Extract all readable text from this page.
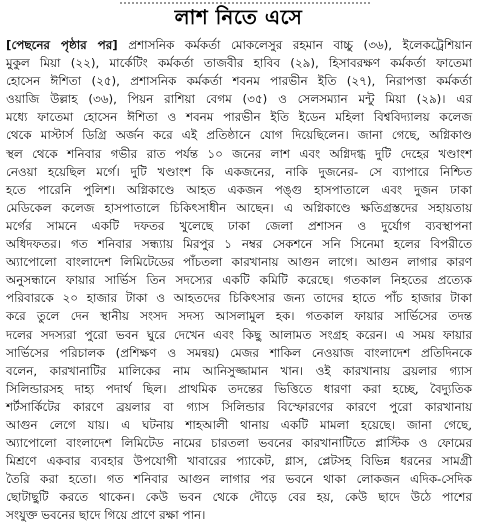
লাশ নিতে এসে
[পেছনের পৃষ্ঠার পর] প্রশাসনিক কর্মকর্তা মোকলেসুর রহমান বাচ্চু (৩৬), ইলেকট্রেশিয়ান
মুকুল মিয়া (২২), মার্কেটিং কর্মকর্তা তাজবীর হাবিব (২৯), হিসাবরক্ষণ কর্মকর্তা ফাতেমা
হোসেন ঈশিতা (২৫), প্রশাসনিক কর্মকর্তা শবনম পারভীন ইতি (২৭), নিরাপত্তা কর্মকর্তা
ওয়াজি উল্লাহ (৩৬), পিয়ন রাশিয়া বেগম (৩৫) ও সেলসম্যান মন্টু মিয়া (২৯)। এর
মধ্যে ফাতেমা হোসেন ঈশিতা ও শবনম পারভীন ইতি ইডেন মহিলা বিশ্ববিদ্যালয় কলেজ
থেকে মাস্টার্স ডিগ্রি অর্জন করে এই প্রতিষ্ঠানে যোগ দিয়েছিলেন। জানা গেছে, অগ্নিকাণ্ড
স্থল থেকে শনিবার গভীর রাত পর্যন্ত ১০ জনের লাশ এবং অগ্নিদগ্ধ দুটি দেহের খণ্ডাংশ
নেওয়া হয়েছিল মর্গে। দুটি খণ্ডাংশ কি একজনের, নাকি দুজনের- সে ব্যাপারে নিশ্চিত
হতে পারেনি পুলিশ। অগ্নিকাণ্ডে আহত একজন পঙ্গু হাসপাতালে এবং দুজন ঢাকা
মেডিকেল কলেজ হাসপাতালে চিকিৎসাধীন আছেন। এ অগ্নিকাণ্ডে ক্ষতিগ্রস্তদের সহায়তায়
মর্গের সামনে একটি দফতর খুলেছে ঢাকা জেলা প্রশাসন ও দুর্যোগ ব্যবস্থাপনা
অধিদফতর। গত শনিবার সন্ধ্যায় মিরপুর ১ নম্বর সেকশনে সনি সিনেমা হলের বিপরীতে
অ্যাপোলো বাংলাদেশ লিমিটেডের পাঁচতলা কারখানায় আগুন লাগে। আগুন লাগার কারণ
অনুসন্ধানে ফায়ার সার্ভিস তিন সদস্যের একটি কমিটি করেছে। গতকাল নিহতের প্রত্যেক
পরিবারকে ২০ হাজার টাকা ও আহতদের চিকিৎসার জন্য তাদের হাতে পাঁচ হাজার টাকা
করে তুলে দেন স্থানীয় সংসদ সদস্য আসলামুল হক। গতকাল ফায়ার সার্ভিসের তদন্ত
দলের সদস্যরা পুরো ভবন ঘুরে দেখেন এবং কিছু আলামত সংগ্রহ করেন। এ সময় ফায়ার
সার্ভিসের পরিচালক (প্রশিক্ষণ ও সমন্বয়) মেজর শাকিল নেওয়াজ বাংলাদেশ প্রতিদিনকে
বলেন, কারখানাটির মালিকের নাম আনিসুজ্জামান খান। ওই কারখানায় ব্রয়লার গ্যাস
সিলিন্ডারসহ দাহ্য পদার্থ ছিল। প্রাথমিক তদন্তের ভিত্তিতে ধারণা করা হচ্ছে, বৈদ্যুতিক
শর্টসার্কিটের কারণে ব্রয়লার বা গ্যাস সিলিন্ডার বিস্ফোরণের কারণে পুরো কারখানায়
আগুন লেগে যায়। এ ঘটনায় শাহআলী থানায় একটি মামলা হয়েছে। জানা গেছে,
অ্যাপোলো বাংলাদেশ লিমিটেড নামের চারতলা ভবনের কারখানাটিতে প্লাস্টিক ও ফোমের
মিশ্রণে একবার ব্যবহার উপযোগী খাবারের প্যাকেট, গ্লাস, প্লেটসহ বিভিন্ন ধরনের সামগ্রী
তৈরি করা হতো। গত শনিবার আগুন লাগার পর ভবনে থাকা লোকজন এদিক-সেদিক
ছোটাছুটি করতে থাকেন। কেউ ভবন থেকে দৌড়ে বের হয়, কেউ ছাদে উঠে পাশের
সংযুক্ত ভবনের ছাদে গিয়ে প্রাণে রক্ষা পান।
